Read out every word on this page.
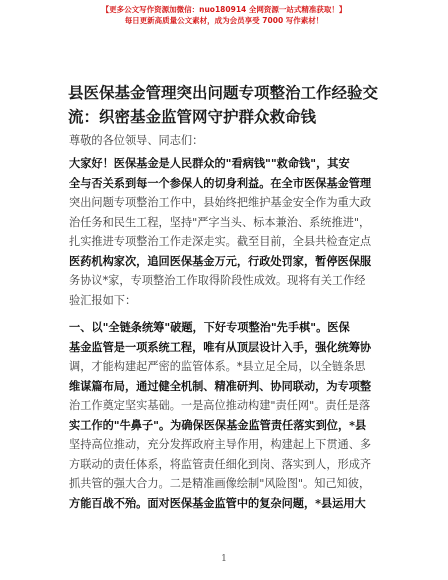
【更多公文写作资源加微信：nuo180914 全网资源一站式精准获取！】
每日更新高质量公文素材，成为会员享受 7000 写作素材！
县医保基金管理突出问题专项整治工作经验交
流：织密基金监管网守护群众救命钱
尊敬的各位领导、同志们：
大家好！医保基金是人民群众的"看病钱""救命钱"，其安
全与否关系到每一个参保人的切身利益。在全市医保基金管理
突出问题专项整治工作中，县始终把维护基金安全作为重大政
治任务和民生工程，坚持"严字当头、标本兼治、系统推进"，
扎实推进专项整治工作走深走实。截至目前，全县共检查定点
医药机构家次，追回医保基金万元，行政处罚家，暂停医保服
务协议*家，专项整治工作取得阶段性成效。现将有关工作经
验汇报如下：
一、以"全链条统筹"破题，下好专项整治"先手棋"。医保
基金监管是一项系统工程，唯有从顶层设计入手，强化统筹协
调，才能构建起严密的监管体系。*县立足全局，以全链条思
维谋篇布局，通过健全机制、精准研判、协同联动，为专项整
治工作奠定坚实基础。一是高位推动构建"责任网"。责任是落
实工作的"牛鼻子"。为确保医保基金监管责任落实到位，*县
坚持高位推动，充分发挥政府主导作用，构建起上下贯通、多
方联动的责任体系，将监管责任细化到岗、落实到人，形成齐
抓共管的强大合力。二是精准画像绘制"风险图"。知己知彼，
方能百战不殆。面对医保基金监管中的复杂问题，*县运用大
1
